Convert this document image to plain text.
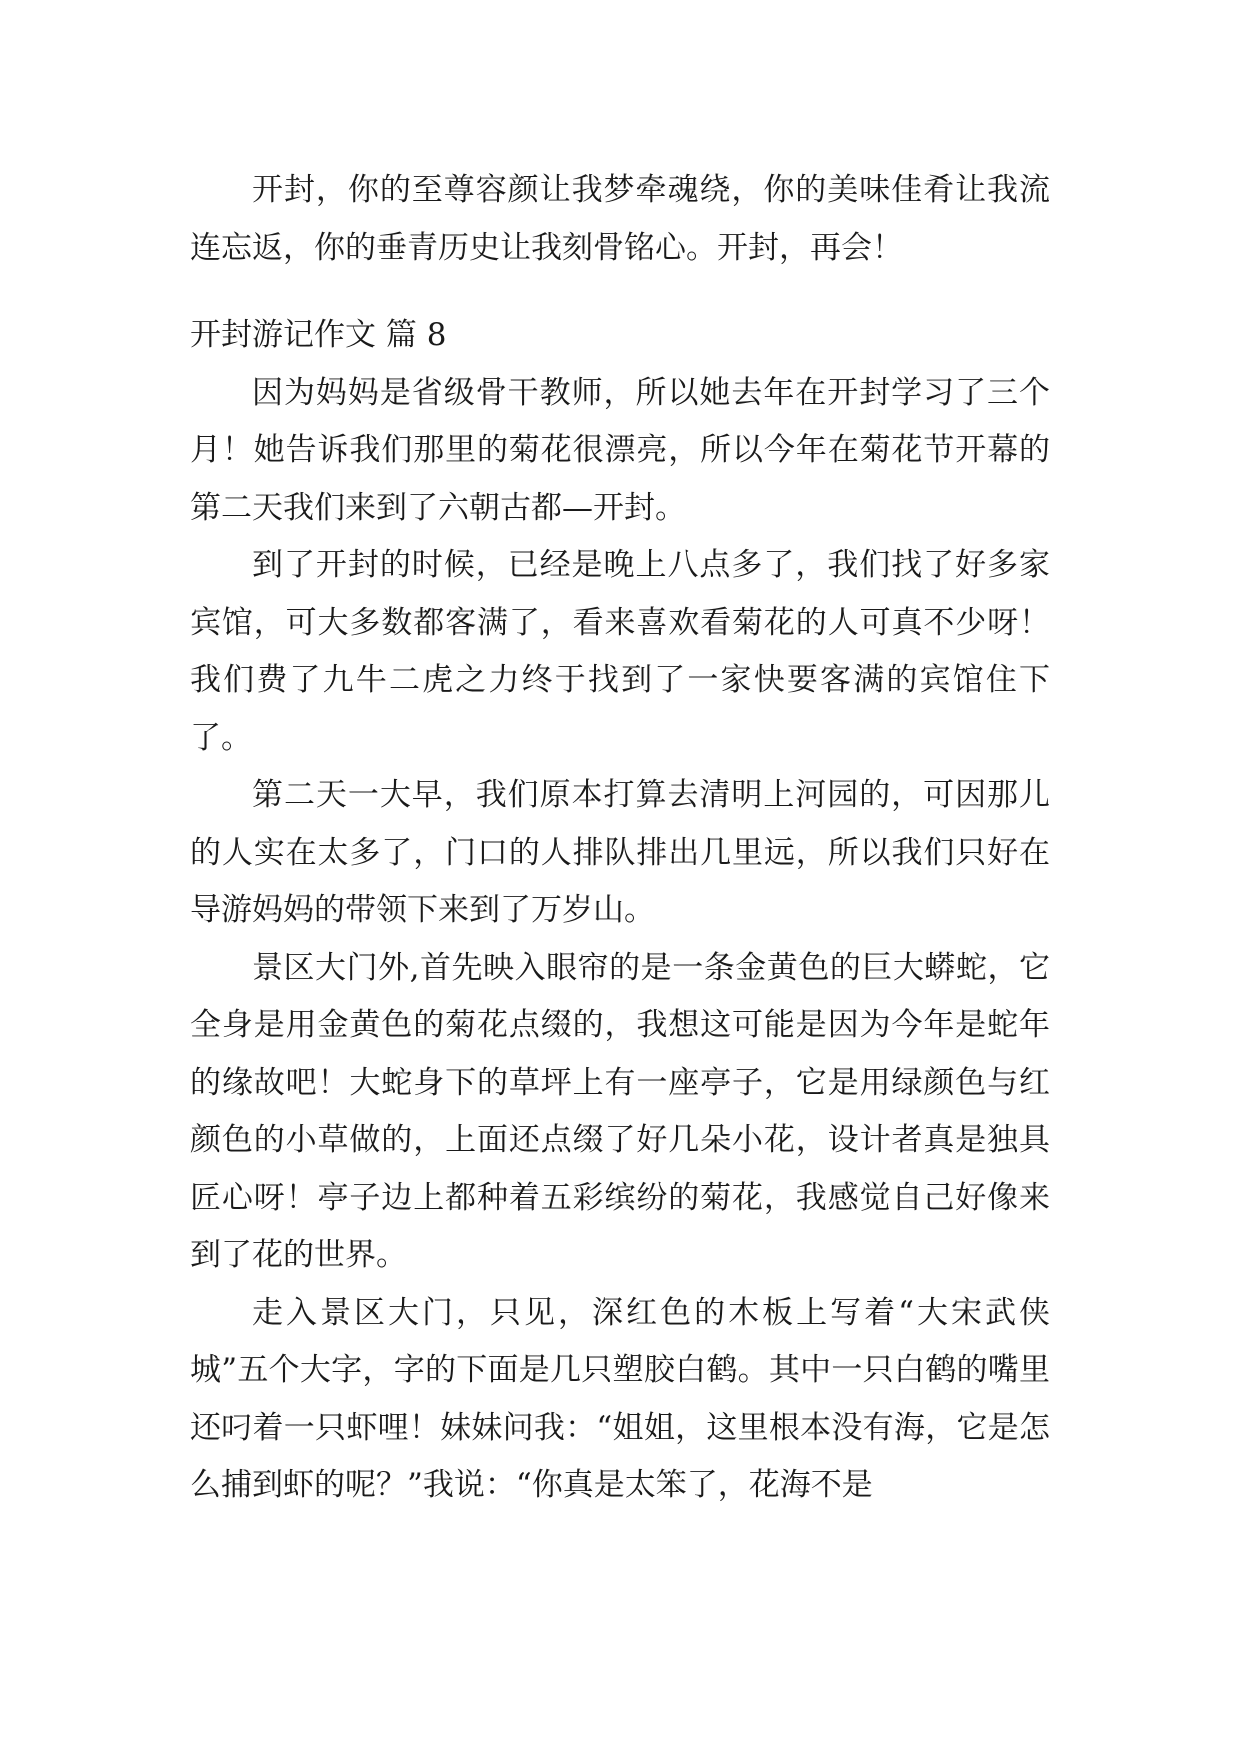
开封，你的至尊容颜让我梦牵魂绕，你的美味佳肴让我流连忘返，你的垂青历史让我刻骨铭心。开封，再会！

开封游记作文 篇 8

因为妈妈是省级骨干教师，所以她去年在开封学习了三个月！她告诉我们那里的菊花很漂亮，所以今年在菊花节开幕的第二天我们来到了六朝古都—开封。

到了开封的时候，已经是晚上八点多了，我们找了好多家宾馆，可大多数都客满了，看来喜欢看菊花的人可真不少呀！我们费了九牛二虎之力终于找到了一家快要客满的宾馆住下了。

第二天一大早，我们原本打算去清明上河园的，可因那儿的人实在太多了，门口的人排队排出几里远，所以我们只好在导游妈妈的带领下来到了万岁山。

景区大门外,首先映入眼帘的是一条金黄色的巨大蟒蛇，它全身是用金黄色的菊花点缀的，我想这可能是因为今年是蛇年的缘故吧！大蛇身下的草坪上有一座亭子，它是用绿颜色与红颜色的小草做的，上面还点缀了好几朵小花，设计者真是独具匠心呀！亭子边上都种着五彩缤纷的菊花，我感觉自己好像来到了花的世界。

走入景区大门，只见，深红色的木板上写着“大宋武侠城”五个大字，字的下面是几只塑胶白鹤。其中一只白鹤的嘴里还叼着一只虾哩！妹妹问我：“姐姐，这里根本没有海，它是怎么捕到虾的呢？”我说：“你真是太笨了，花海不是
